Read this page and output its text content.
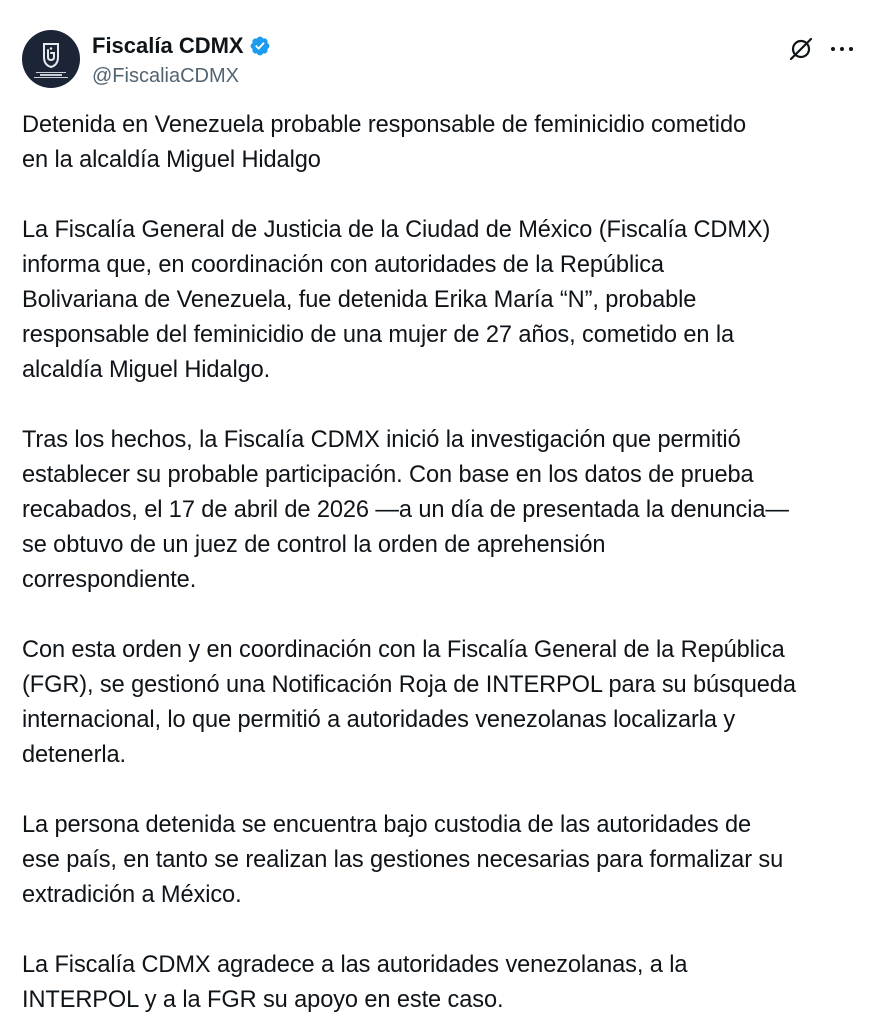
Fiscalía CDMX
@FiscaliaCDMX

Detenida en Venezuela probable responsable de feminicidio cometido
en la alcaldía Miguel Hidalgo

La Fiscalía General de Justicia de la Ciudad de México (Fiscalía CDMX)
informa que, en coordinación con autoridades de la República
Bolivariana de Venezuela, fue detenida Erika María “N”, probable
responsable del feminicidio de una mujer de 27 años, cometido en la
alcaldía Miguel Hidalgo.

Tras los hechos, la Fiscalía CDMX inició la investigación que permitió
establecer su probable participación. Con base en los datos de prueba
recabados, el 17 de abril de 2026 —a un día de presentada la denuncia—
se obtuvo de un juez de control la orden de aprehensión
correspondiente.

Con esta orden y en coordinación con la Fiscalía General de la República
(FGR), se gestionó una Notificación Roja de INTERPOL para su búsqueda
internacional, lo que permitió a autoridades venezolanas localizarla y
detenerla.

La persona detenida se encuentra bajo custodia de las autoridades de
ese país, en tanto se realizan las gestiones necesarias para formalizar su
extradición a México.

La Fiscalía CDMX agradece a las autoridades venezolanas, a la
INTERPOL y a la FGR su apoyo en este caso.
